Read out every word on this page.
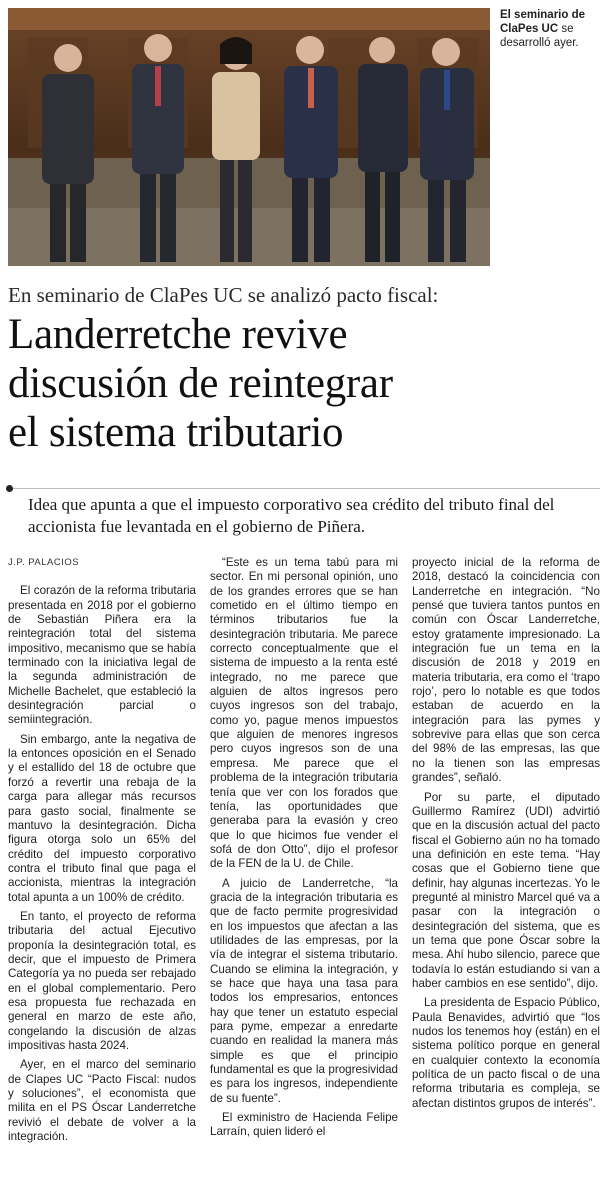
El seminario de ClaPes UC se desarrolló ayer.
En seminario de ClaPes UC se analizó pacto fiscal:
Landerretche revive
discusión de reintegrar
el sistema tributario
Idea que apunta a que el impuesto corporativo sea crédito del tributo final del accionista fue levantada en el gobierno de Piñera.
J.P. PALACIOS

El corazón de la reforma tributaria presentada en 2018 por el gobierno de Sebastián Piñera era la reintegración total del sistema impositivo, mecanismo que se había terminado con la iniciativa legal de la segunda administración de Michelle Bachelet, que estableció la desintegración parcial o semiintegración.

Sin embargo, ante la negativa de la entonces oposición en el Senado y el estallido del 18 de octubre que forzó a revertir una rebaja de la carga para allegar más recursos para gasto social, finalmente se mantuvo la desintegración. Dicha figura otorga solo un 65% del crédito del impuesto corporativo contra el tributo final que paga el accionista, mientras la integración total apunta a un 100% de crédito.

En tanto, el proyecto de reforma tributaria del actual Ejecutivo proponía la desintegración total, es decir, que el impuesto de Primera Categoría ya no pueda ser rebajado en el global complementario. Pero esa propuesta fue rechazada en general en marzo de este año, congelando la discusión de alzas impositivas hasta 2024.

Ayer, en el marco del seminario de Clapes UC “Pacto Fiscal: nudos y soluciones”, el economista que milita en el PS Óscar Landerretche revivió el debate de volver a la integración.

“Este es un tema tabú para mi sector. En mi personal opinión, uno de los grandes errores que se han cometido en el último tiempo en términos tributarios fue la desintegración tributaria. Me parece correcto conceptualmente que el sistema de impuesto a la renta esté integrado, no me parece que alguien de altos ingresos pero cuyos ingresos son del trabajo, como yo, pague menos impuestos que alguien de menores ingresos pero cuyos ingresos son de una empresa. Me parece que el problema de la integración tributaria tenía que ver con los forados que tenía, las oportunidades que generaba para la evasión y creo que lo que hicimos fue vender el sofá de don Otto”, dijo el profesor de la FEN de la U. de Chile.

A juicio de Landerretche, “la gracia de la integración tributaria es que de facto permite progresividad en los impuestos que afectan a las utilidades de las empresas, por la vía de integrar el sistema tributario. Cuando se elimina la integración, y se hace que haya una tasa para todos los empresarios, entonces hay que tener un estatuto especial para pyme, empezar a enredarte cuando en realidad la manera más simple es que el principio fundamental es que la progresividad es para los ingresos, independiente de su fuente”.

El exministro de Hacienda Felipe Larraín, quien lideró el

proyecto inicial de la reforma de 2018, destacó la coincidencia con Landerretche en integración. “No pensé que tuviera tantos puntos en común con Óscar Landerretche, estoy gratamente impresionado. La integración fue un tema en la discusión de 2018 y 2019 en materia tributaria, era como el ‘trapo rojo’, pero lo notable es que todos estaban de acuerdo en la integración para las pymes y sobrevive para ellas que son cerca del 98% de las empresas, las que no la tienen son las empresas grandes”, señaló.

Por su parte, el diputado Guillermo Ramírez (UDI) advirtió que en la discusión actual del pacto fiscal el Gobierno aún no ha tomado una definición en este tema. “Hay cosas que el Gobierno tiene que definir, hay algunas incertezas. Yo le pregunté al ministro Marcel qué va a pasar con la integración o desintegración del sistema, que es un tema que pone Óscar sobre la mesa. Ahí hubo silencio, parece que todavía lo están estudiando si van a haber cambios en ese sentido”, dijo.

La presidenta de Espacio Público, Paula Benavides, advirtió que “los nudos los tenemos hoy (están) en el sistema político porque en general en cualquier contexto la economía política de un pacto fiscal o de una reforma tributaria es compleja, se afectan distintos grupos de interés”.
